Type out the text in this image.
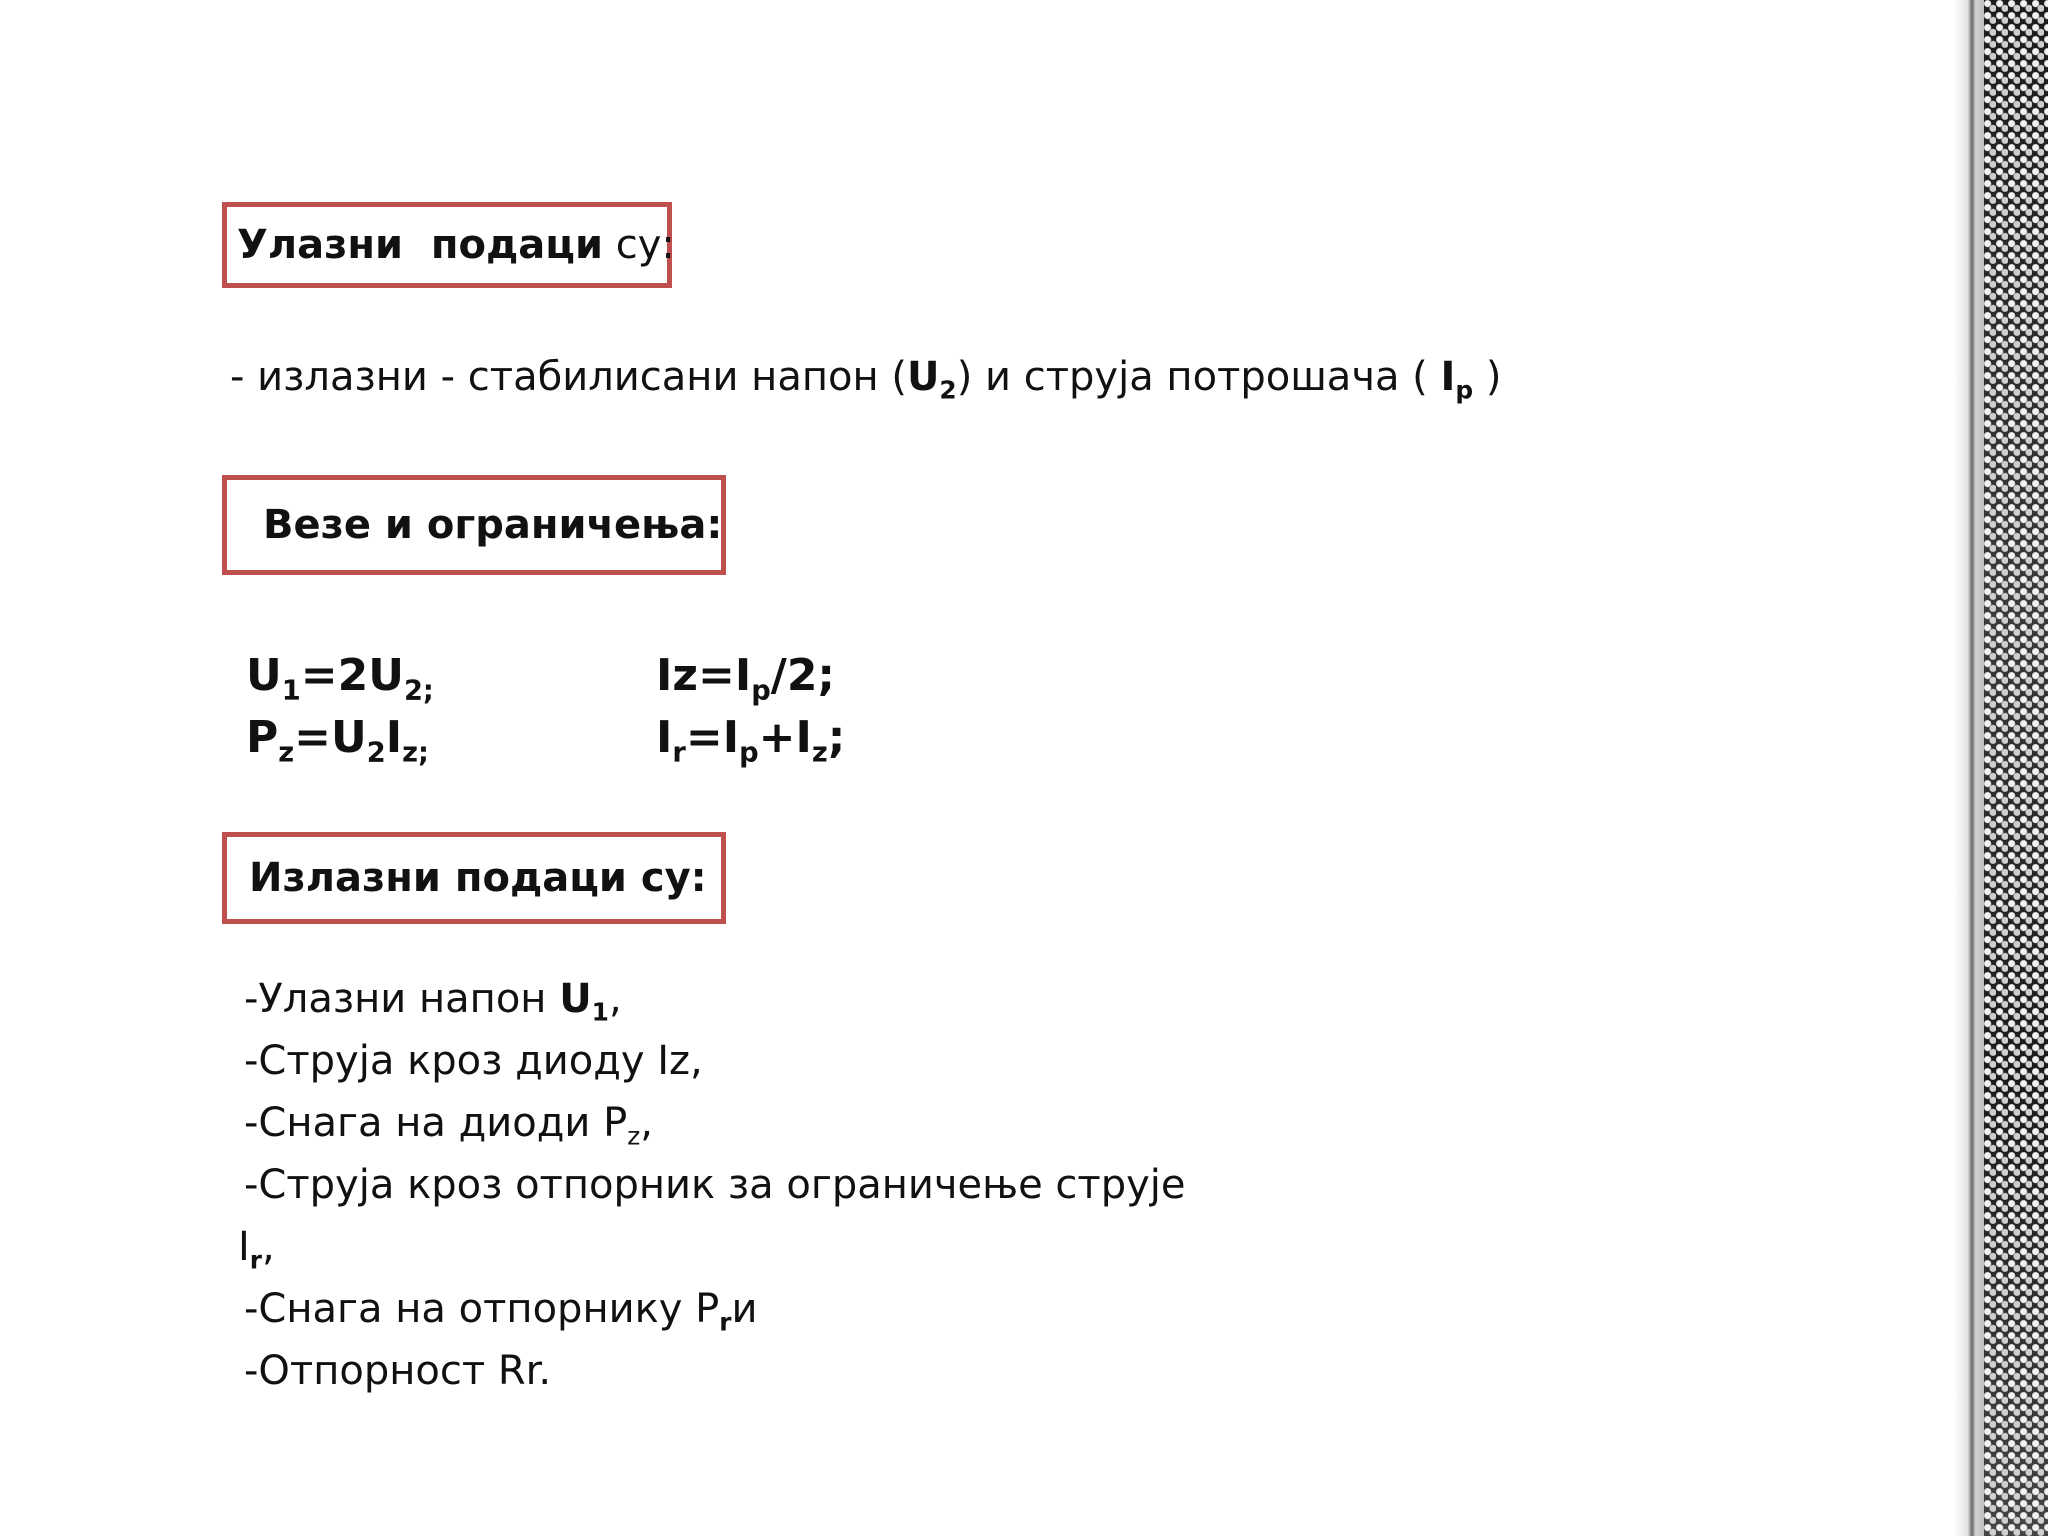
Улазни  подаци су:
- излазни - стабилисани напон $(U_2)$ и струја потрошача ( $I_p$ )
Везе и ограничења:
$U_1=2U_{2;}$
$P_z=U_2I_{z;}$
$Iz=I_p/2$;
$I_r=I_p+I_z$;
Излазни подаци су:
-Улазни напон $U_1$,
-Струја кроз диоду Iz,
-Снага на диоди $P_z$,
-Струја кроз отпорник за ограничење струје
$I_r$,
-Снага на отпорнику $P_rи$
-Отпорност Rr.
